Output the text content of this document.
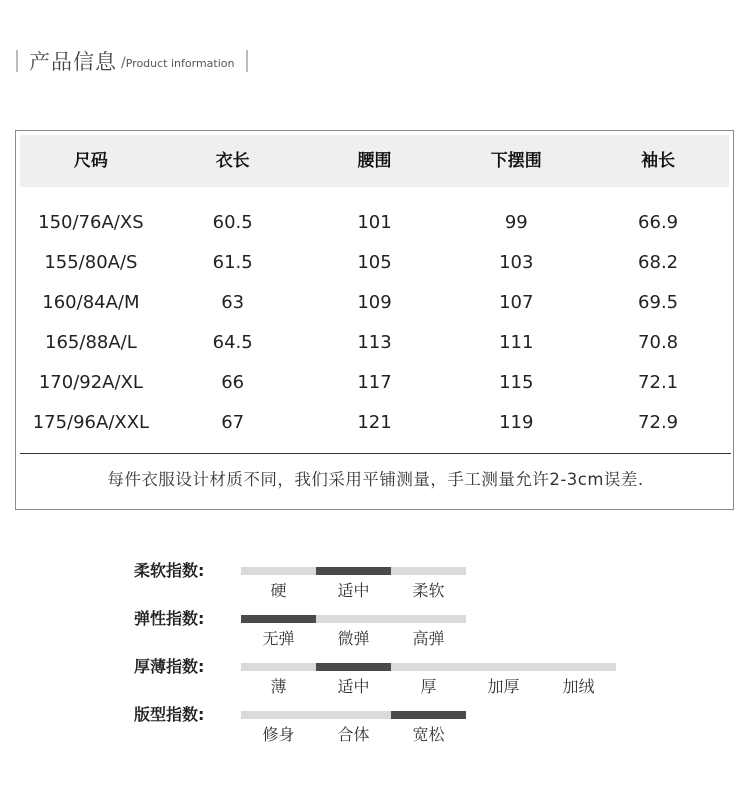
产品信息 / Product information
尺码	衣长	腰围	下摆围	袖长
150/76A/XS	60.5	101	99	66.9
155/80A/S	61.5	105	103	68.2
160/84A/M	63	109	107	69.5
165/88A/L	64.5	113	111	70.8
170/92A/XL	66	117	115	72.1
175/96A/XXL	67	121	119	72.9
每件衣服设计材质不同，我们采用平铺测量，手工测量允许2-3cm误差.
柔软指数:
硬	适中	柔软
弹性指数:
无弹	微弹	高弹
厚薄指数:
薄	适中	厚	加厚	加绒
版型指数:
修身	合体	宽松
